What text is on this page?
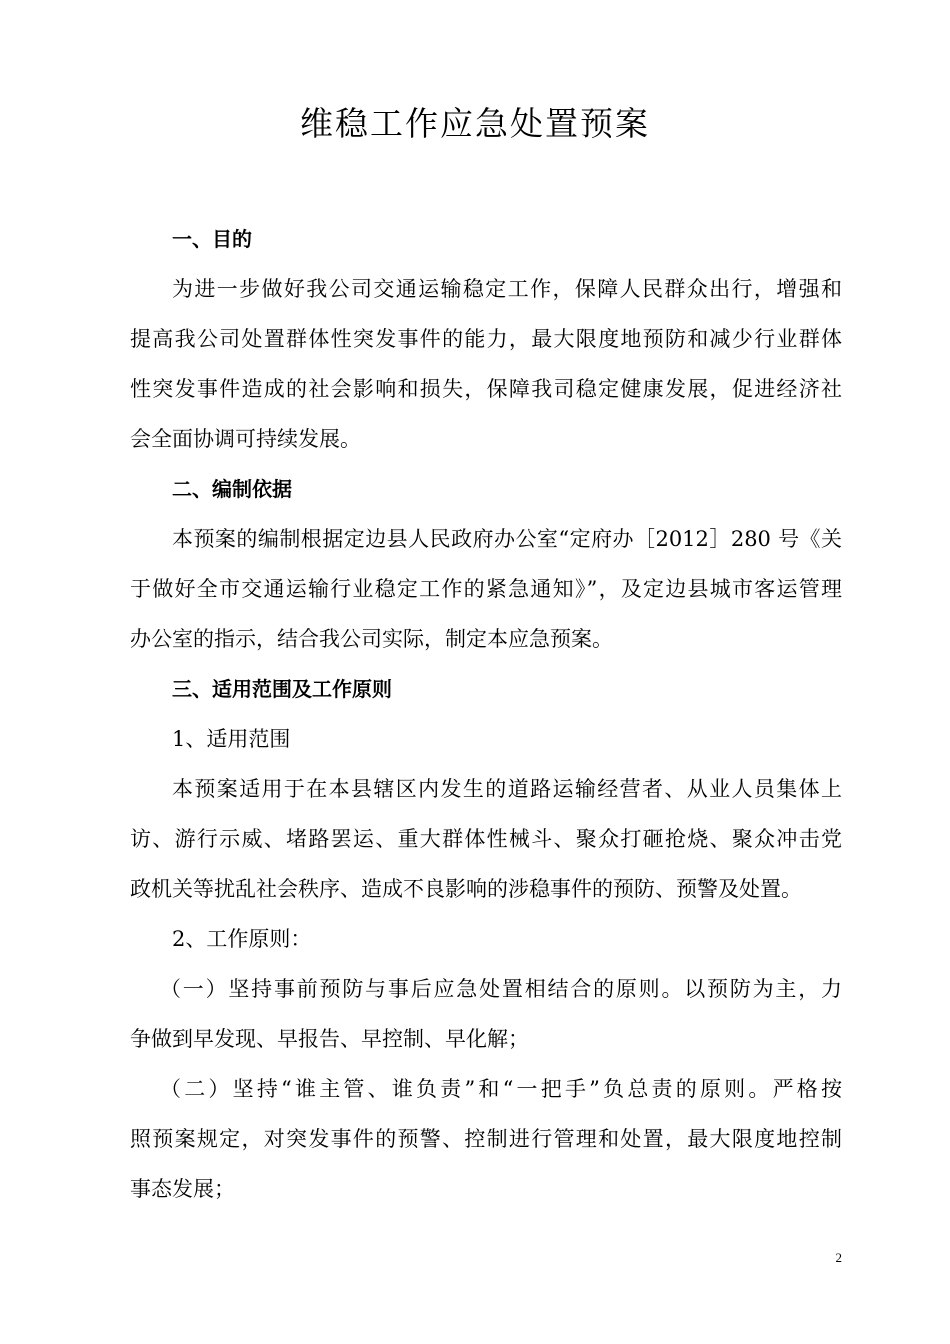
维稳工作应急处置预案
一、目的
为进一步做好我公司交通运输稳定工作，保障人民群众出行，增强和
提高我公司处置群体性突发事件的能力，最大限度地预防和减少行业群体
性突发事件造成的社会影响和损失，保障我司稳定健康发展，促进经济社
会全面协调可持续发展。
二、编制依据
本预案的编制根据定边县人民政府办公室“定府办［2012］280 号《关
于做好全市交通运输行业稳定工作的紧急通知》”，及定边县城市客运管理
办公室的指示，结合我公司实际，制定本应急预案。
三、适用范围及工作原则
1、适用范围
本预案适用于在本县辖区内发生的道路运输经营者、从业人员集体上
访、游行示威、堵路罢运、重大群体性械斗、聚众打砸抢烧、聚众冲击党
政机关等扰乱社会秩序、造成不良影响的涉稳事件的预防、预警及处置。
2、工作原则：
（一）坚持事前预防与事后应急处置相结合的原则。以预防为主，力
争做到早发现、早报告、早控制、早化解；
（二）坚持“谁主管、谁负责”和“一把手”负总责的原则。严格按
照预案规定，对突发事件的预警、控制进行管理和处置，最大限度地控制
事态发展；
2
